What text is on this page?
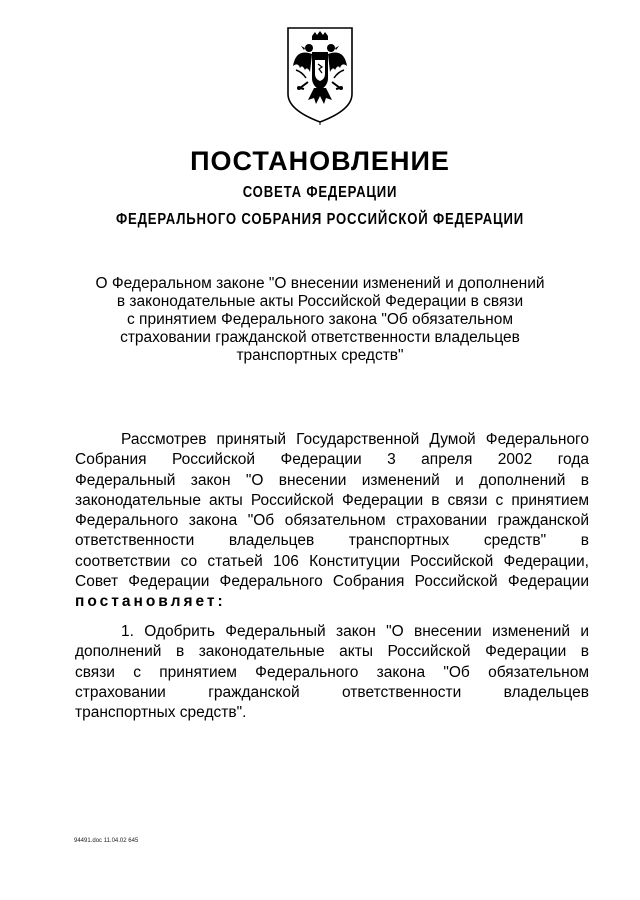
ПОСТАНОВЛЕНИЕ
СОВЕТА ФЕДЕРАЦИИ
ФЕДЕРАЛЬНОГО СОБРАНИЯ РОССИЙСКОЙ ФЕДЕРАЦИИ
О Федеральном законе "О внесении изменений и дополнений
в законодательные акты Российской Федерации в связи
с принятием Федерального закона "Об обязательном
страховании гражданской ответственности владельцев
транспортных средств"
Рассмотрев принятый Государственной Думой Федерального
Собрания Российской Федерации 3 апреля 2002 года
Федеральный закон "О внесении изменений и дополнений в
законодательные акты Российской Федерации в связи с принятием
Федерального закона "Об обязательном страховании гражданской
ответственности владельцев транспортных средств" в
соответствии со статьей 106 Конституции Российской Федерации,
Совет Федерации Федерального Собрания Российской Федерации
постановляет:
1. Одобрить Федеральный закон "О внесении изменений и
дополнений в законодательные акты Российской Федерации в
связи с принятием Федерального закона "Об обязательном
страховании гражданской ответственности владельцев
транспортных средств".
94491.doc 11.04.02 645
